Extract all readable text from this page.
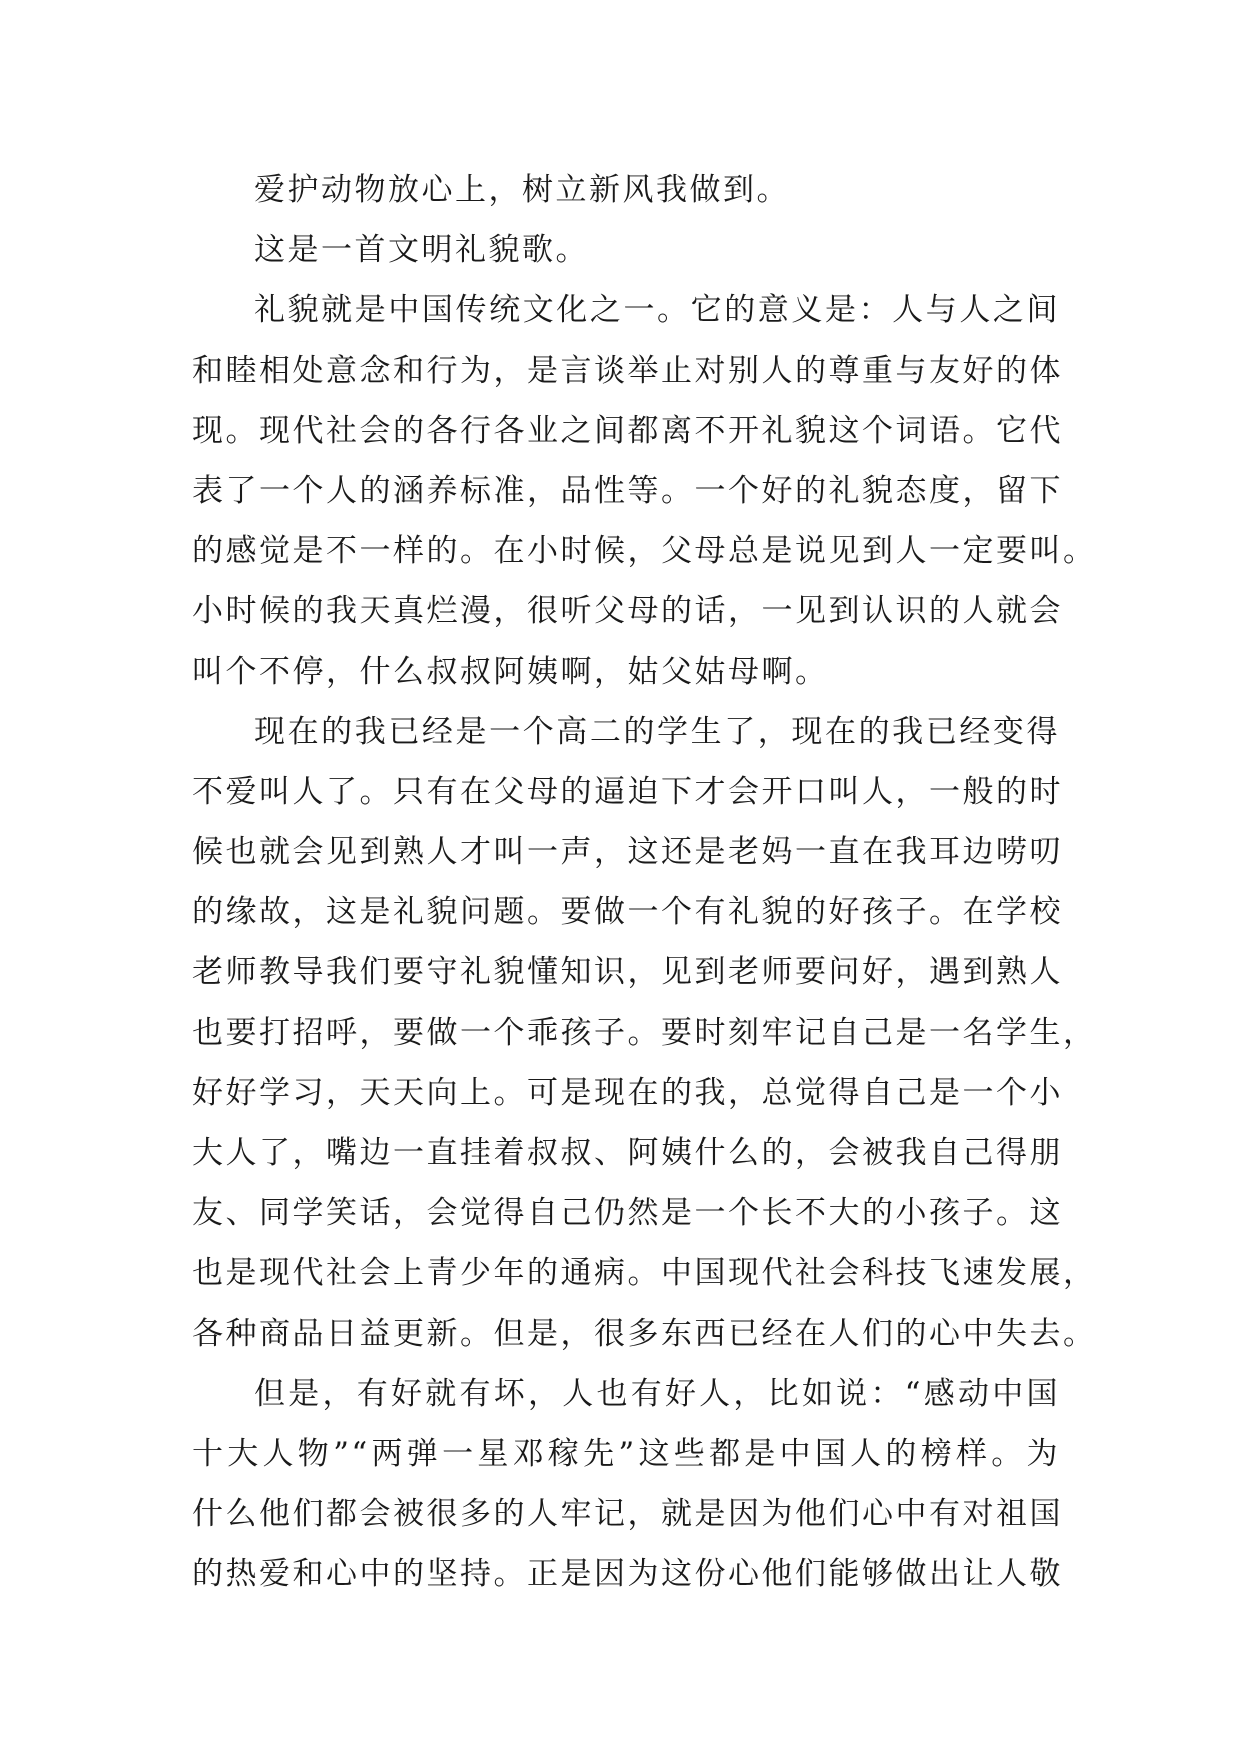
爱护动物放心上，树立新风我做到。
这是一首文明礼貌歌。
礼貌就是中国传统文化之一。它的意义是：人与人之间
和睦相处意念和行为，是言谈举止对别人的尊重与友好的体
现。现代社会的各行各业之间都离不开礼貌这个词语。它代
表了一个人的涵养标准，品性等。一个好的礼貌态度，留下
的感觉是不一样的。在小时候，父母总是说见到人一定要叫。
小时候的我天真烂漫，很听父母的话，一见到认识的人就会
叫个不停，什么叔叔阿姨啊，姑父姑母啊。
现在的我已经是一个高二的学生了，现在的我已经变得
不爱叫人了。只有在父母的逼迫下才会开口叫人，一般的时
候也就会见到熟人才叫一声，这还是老妈一直在我耳边唠叨
的缘故，这是礼貌问题。要做一个有礼貌的好孩子。在学校
老师教导我们要守礼貌懂知识，见到老师要问好，遇到熟人
也要打招呼，要做一个乖孩子。要时刻牢记自己是一名学生，
好好学习，天天向上。可是现在的我，总觉得自己是一个小
大人了，嘴边一直挂着叔叔、阿姨什么的，会被我自己得朋
友、同学笑话，会觉得自己仍然是一个长不大的小孩子。这
也是现代社会上青少年的通病。中国现代社会科技飞速发展，
各种商品日益更新。但是，很多东西已经在人们的心中失去。
但是，有好就有坏，人也有好人，比如说：“感动中国
十大人物”“两弹一星邓稼先”这些都是中国人的榜样。为
什么他们都会被很多的人牢记，就是因为他们心中有对祖国
的热爱和心中的坚持。正是因为这份心他们能够做出让人敬
